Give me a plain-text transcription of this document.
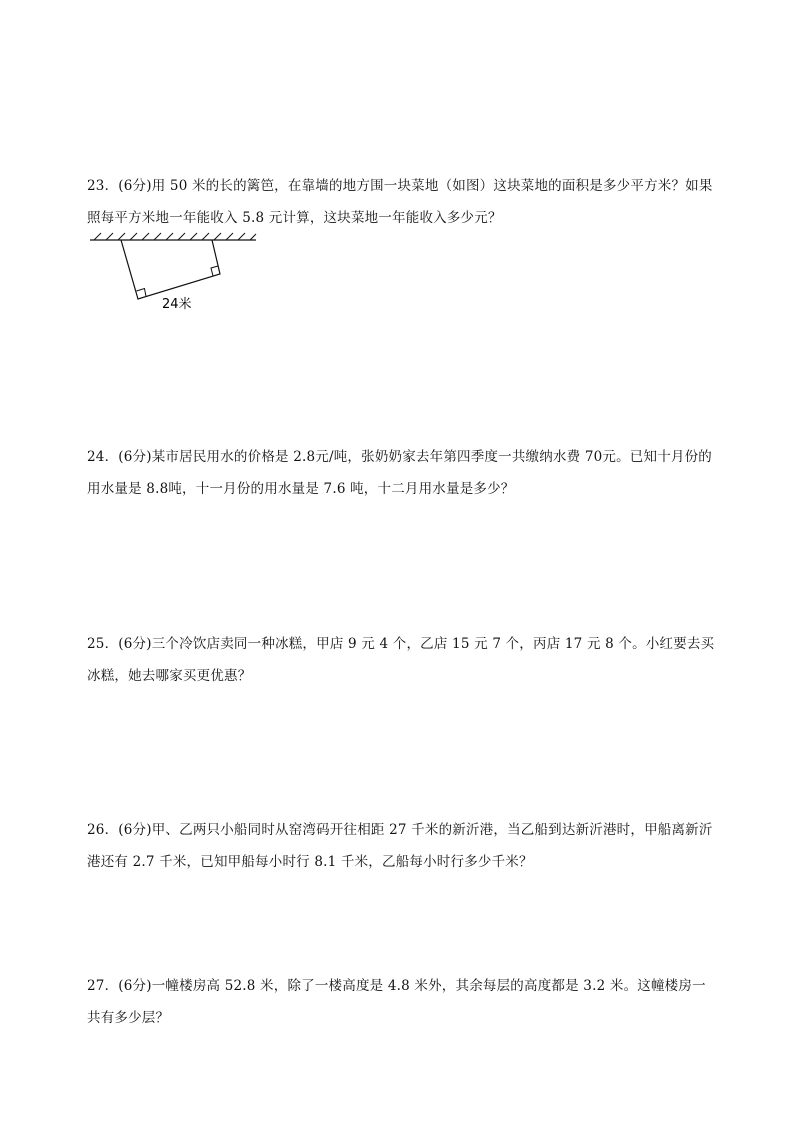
23．(6分)用 50 米的长的篱笆，在靠墙的地方围一块菜地（如图）这块菜地的面积是多少平方米？如果照每平方米地一年能收入 5.8 元计算，这块菜地一年能收入多少元？

24米

24．(6分)某市居民用水的价格是 2.8元/吨，张奶奶家去年第四季度一共缴纳水费 70元。已知十月份的用水量是 8.8吨，十一月份的用水量是 7.6 吨，十二月用水量是多少？

25．(6分)三个冷饮店卖同一种冰糕，甲店 9 元 4 个，乙店 15 元 7 个，丙店 17 元 8 个。小红要去买冰糕，她去哪家买更优惠？

26．(6分)甲、乙两只小船同时从窑湾码开往相距 27 千米的新沂港，当乙船到达新沂港时，甲船离新沂港还有 2.7 千米，已知甲船每小时行 8.1 千米，乙船每小时行多少千米？

27．(6分)一幢楼房高 52.8 米，除了一楼高度是 4.8 米外，其余每层的高度都是 3.2 米。这幢楼房一共有多少层？
